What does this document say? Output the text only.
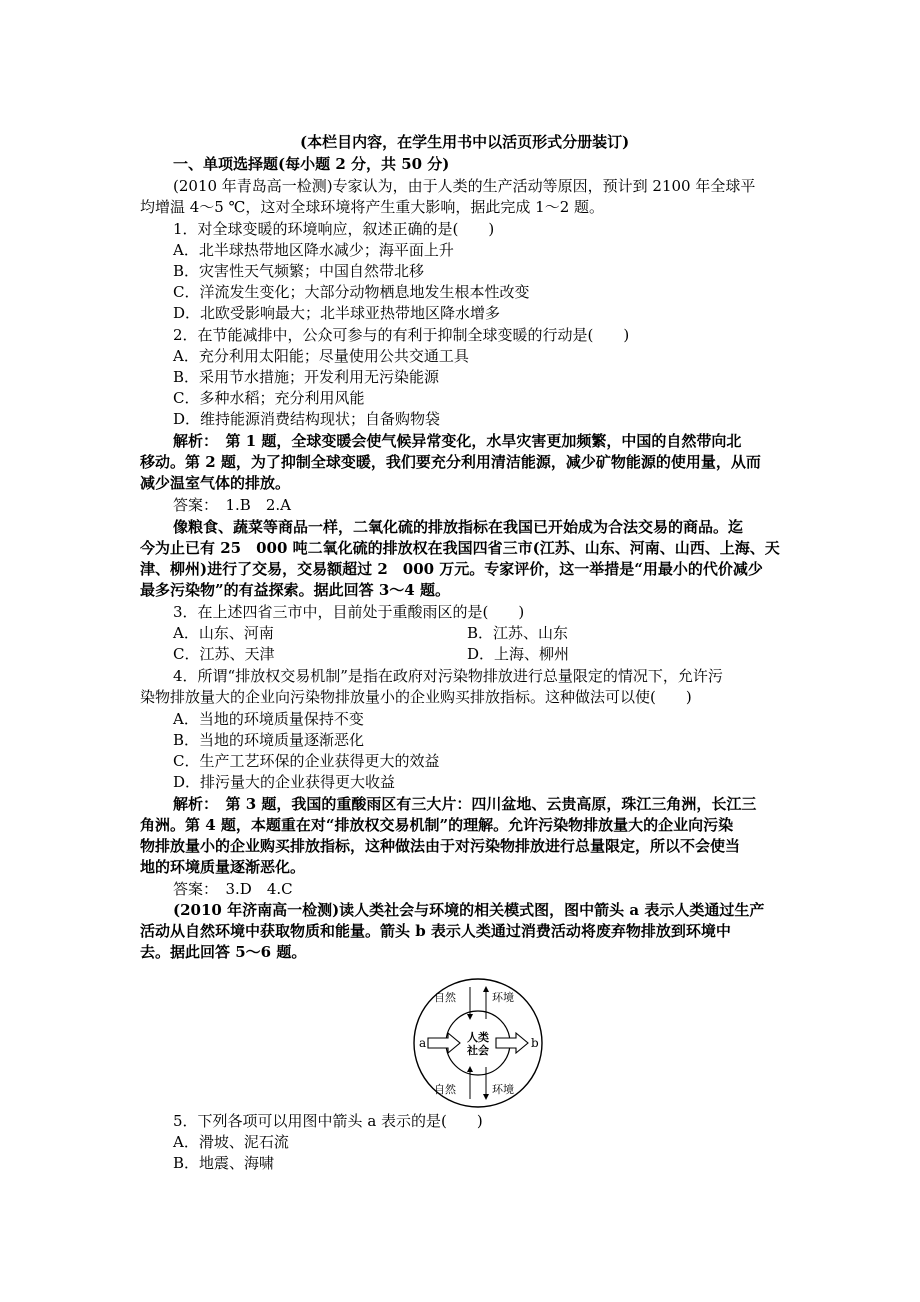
(本栏目内容，在学生用书中以活页形式分册装订)
一、单项选择题(每小题 2 分，共 50 分)
(2010 年青岛高一检测)专家认为，由于人类的生产活动等原因，预计到 2100 年全球平
均增温 4～5 ℃，这对全球环境将产生重大影响，据此完成 1～2 题。
1．对全球变暖的环境响应，叙述正确的是(　　)
A．北半球热带地区降水减少；海平面上升
B．灾害性天气频繁；中国自然带北移
C．洋流发生变化；大部分动物栖息地发生根本性改变
D．北欧受影响最大；北半球亚热带地区降水增多
2．在节能减排中，公众可参与的有利于抑制全球变暖的行动是(　　)
A．充分利用太阳能；尽量使用公共交通工具
B．采用节水措施；开发利用无污染能源
C．多种水稻；充分利用风能
D．维持能源消费结构现状；自备购物袋
解析：　第 1 题，全球变暖会使气候异常变化，水旱灾害更加频繁，中国的自然带向北
移动。第 2 题，为了抑制全球变暖，我们要充分利用清洁能源，减少矿物能源的使用量，从而
减少温室气体的排放。
答案：　1.B　2.A
像粮食、蔬菜等商品一样，二氧化硫的排放指标在我国已开始成为合法交易的商品。迄
今为止已有 25　000 吨二氧化硫的排放权在我国四省三市(江苏、山东、河南、山西、上海、天
津、柳州)进行了交易，交易额超过 2　000 万元。专家评价，这一举措是“用最小的代价减少
最多污染物”的有益探索。据此回答 3～4 题。
3．在上述四省三市中，目前处于重酸雨区的是(　　)
A．山东、河南	B．江苏、山东
C．江苏、天津	D．上海、柳州
4．所谓“排放权交易机制”是指在政府对污染物排放进行总量限定的情况下，允许污
染物排放量大的企业向污染物排放量小的企业购买排放指标。这种做法可以使(　　)
A．当地的环境质量保持不变
B．当地的环境质量逐渐恶化
C．生产工艺环保的企业获得更大的效益
D．排污量大的企业获得更大收益
解析：　第 3 题，我国的重酸雨区有三大片：四川盆地、云贵高原，珠江三角洲，长江三
角洲。第 4 题，本题重在对“排放权交易机制”的理解。允许污染物排放量大的企业向污染
物排放量小的企业购买排放指标，这种做法由于对污染物排放进行总量限定，所以不会使当
地的环境质量逐渐恶化。
答案：　3.D　4.C
(2010 年济南高一检测)读人类社会与环境的相关模式图，图中箭头 a 表示人类通过生产
活动从自然环境中获取物质和能量。箭头 b 表示人类通过消费活动将废弃物排放到环境中
去。据此回答 5～6 题。
自然	环境
自然	环境
人类
社会
a	b
5．下列各项可以用图中箭头 a 表示的是(　　)
A．滑坡、泥石流
B．地震、海啸
